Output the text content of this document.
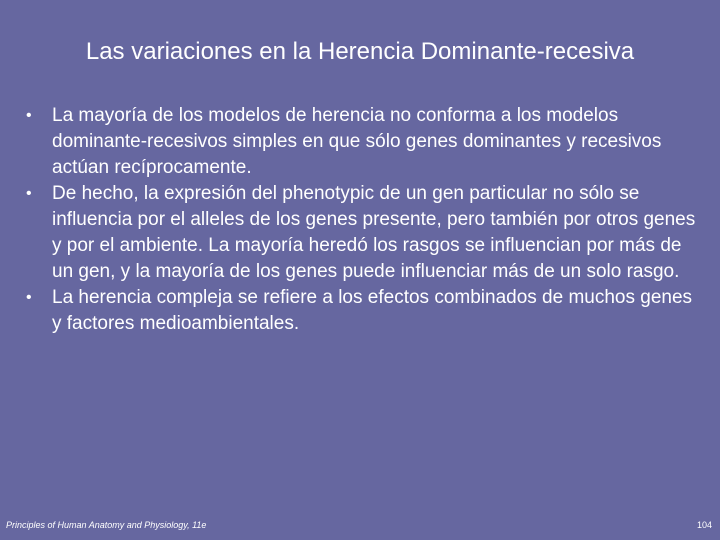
Las variaciones en la Herencia Dominante-recesiva
•	La mayoría de los modelos de herencia no conforma a los modelos dominante-recesivos simples en que sólo genes dominantes y recesivos actúan recíprocamente.
•	De hecho, la expresión del phenotypic de un gen particular no sólo se influencia por el alleles de los genes presente, pero también por otros genes y por el ambiente. La mayoría heredó los rasgos se influencian por más de un gen, y la mayoría de los genes puede influenciar más de un solo rasgo.
•	La herencia compleja se refiere a los efectos combinados de muchos genes y factores medioambientales.
Principles of Human Anatomy and Physiology, 11e	104
